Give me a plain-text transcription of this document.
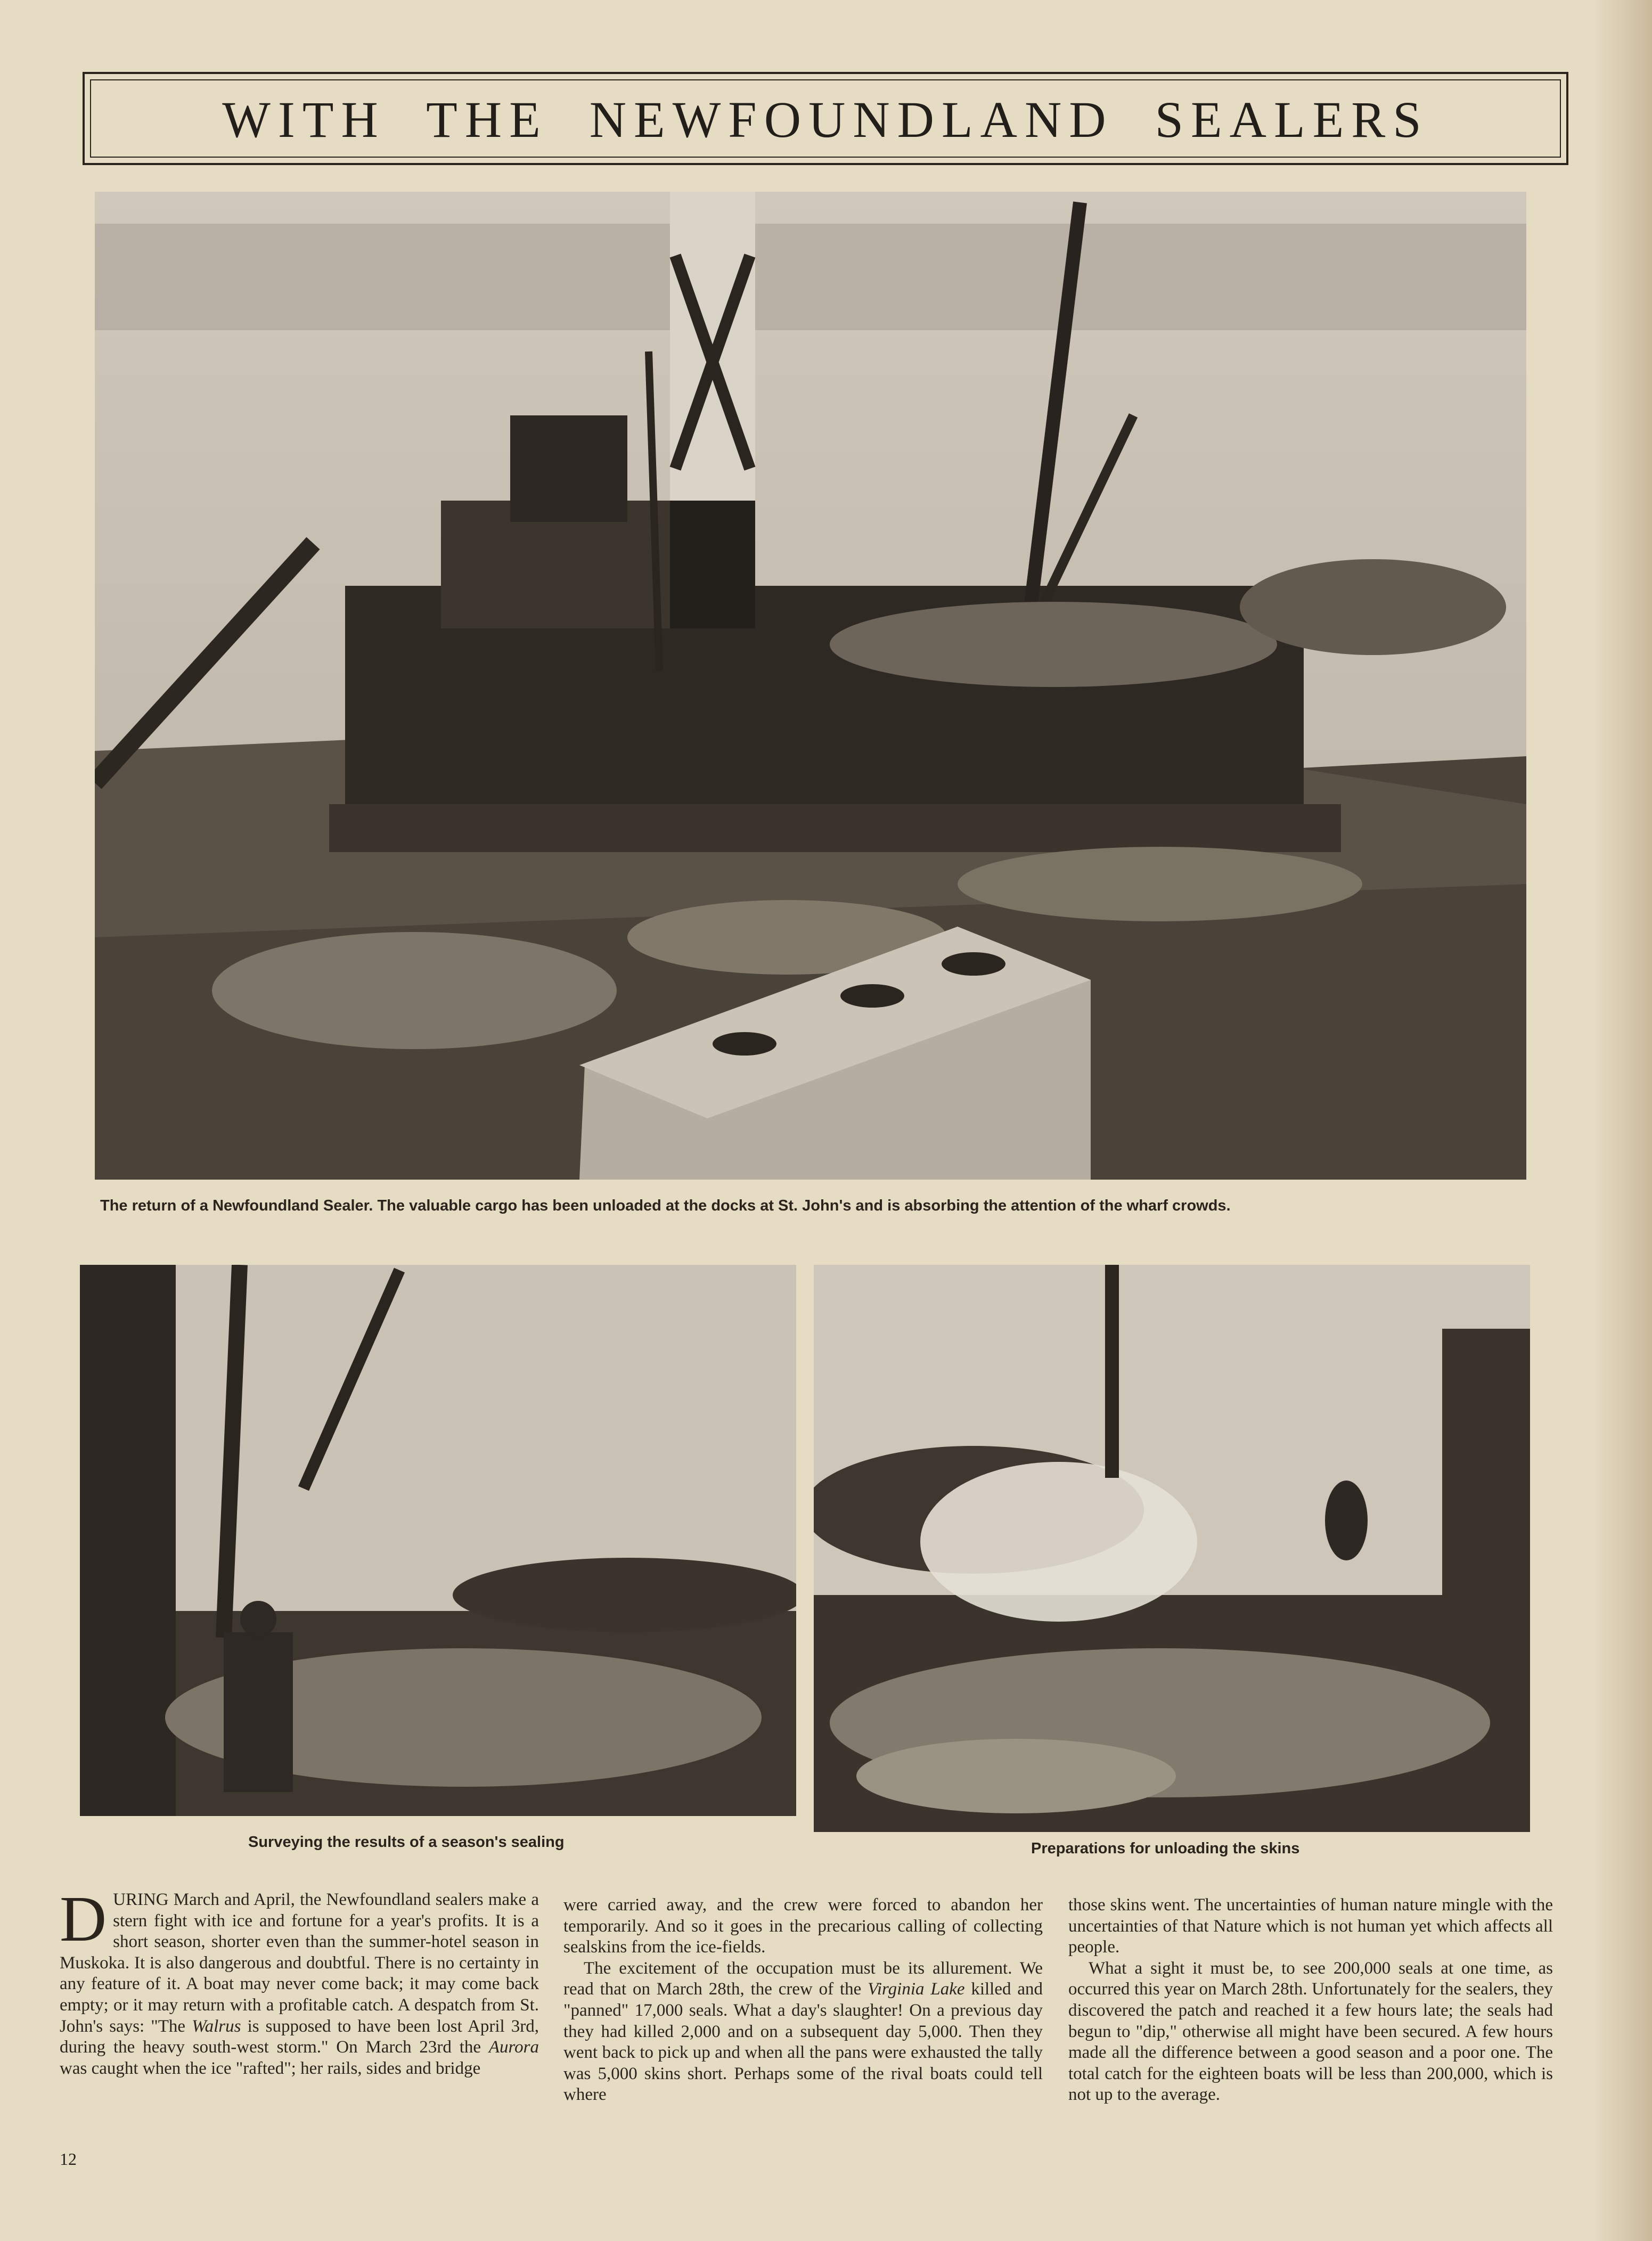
WITH THE NEWFOUNDLAND SEALERS
The return of a Newfoundland Sealer. The valuable cargo has been unloaded at the docks at St. John's and is absorbing the attention of the wharf crowds.
Surveying the results of a season's sealing	Preparations for unloading the skins

DURING March and April, the Newfoundland sealers make a stern fight with ice and fortune for a year's profits. It is a short season, shorter even than the summer-hotel season in Muskoka. It is also dangerous and doubtful. There is no certainty in any feature of it. A boat may never come back; it may come back empty; or it may return with a profitable catch. A despatch from St. John's says: "The Walrus is supposed to have been lost April 3rd, during the heavy south-west storm." On March 23rd the Aurora was caught when the ice "rafted"; her rails, sides and bridge

were carried away, and the crew were forced to abandon her temporarily. And so it goes in the precarious calling of collecting sealskins from the ice-fields.

The excitement of the occupation must be its allurement. We read that on March 28th, the crew of the Virginia Lake killed and "panned" 17,000 seals. What a day's slaughter! On a previous day they had killed 2,000 and on a subsequent day 5,000. Then they went back to pick up and when all the pans were exhausted the tally was 5,000 skins short. Perhaps some of the rival boats could tell where

those skins went. The uncertainties of human nature mingle with the uncertainties of that Nature which is not human yet which affects all people.

What a sight it must be, to see 200,000 seals at one time, as occurred this year on March 28th. Unfortunately for the sealers, they discovered the patch and reached it a few hours late; the seals had begun to "dip," otherwise all might have been secured. A few hours made all the difference between a good season and a poor one. The total catch for the eighteen boats will be less than 200,000, which is not up to the average.

12
